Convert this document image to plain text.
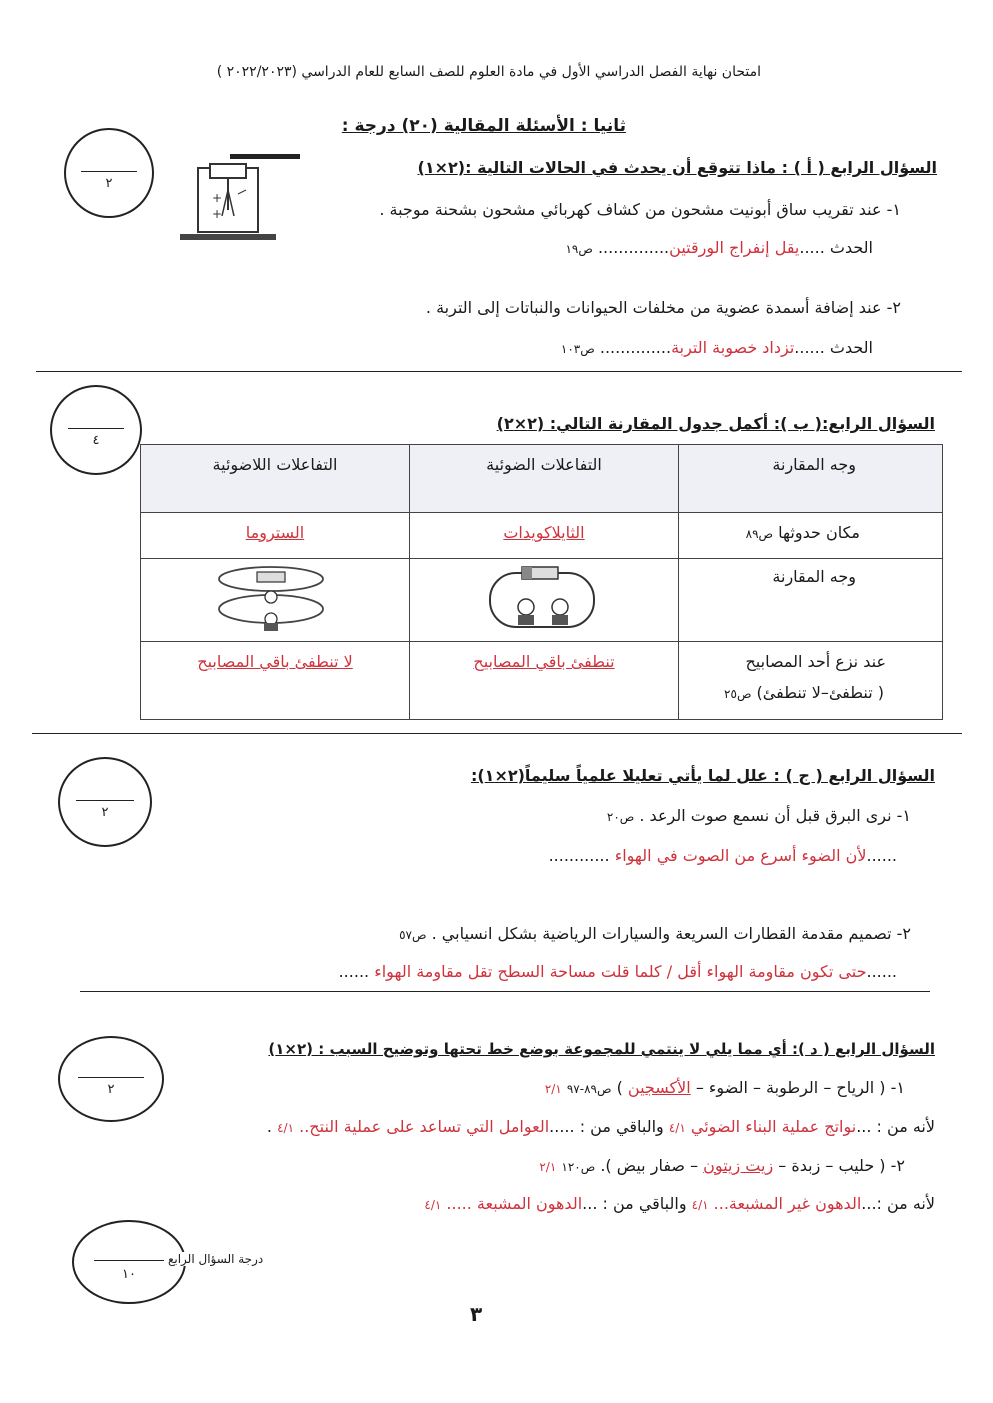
امتحان نهاية الفصل الدراسي الأول في مادة العلوم للصف السابع للعام الدراسي (٢٠٢٢/٢٠٢٣ )
ثانيا : الأسئلة المقالية (٢٠) درجة :
٢
+
+
السؤال الرابع ( أ ) : ماذا تتوقع أن يحدث في الحالات التالية :(٢×١)
١- عند تقريب ساق أبونيت مشحون من كشاف كهربائي مشحون بشحنة موجبة .
الحدث .....يقل إنفراج الورقتين.............. ص١٩
٢- عند إضافة أسمدة عضوية من مخلفات الحيوانات والنباتات إلى التربة .
الحدث ......تزداد خصوبة التربة.............. ص١٠٣
٤
السؤال الرابع:( ب ): أكمل جدول المقارنة التالي: (٢×٢)
وجه المقارنة	التفاعلات الضوئية	التفاعلات اللاضوئية

مكان حدوثها ص٨٩	الثايلاكويدات	الستروما

وجه المقارنة

عند نزع أحد المصابيح
( تنطفئ–لا تنطفئ) ص٢٥	تنطفئ باقي المصابيح	لا تنطفئ باقي المصابيح
٢
السؤال الرابع ( ج ) : علل لما يأتي تعليلا علمياً سليماً(٢×١):
١- نرى البرق قبل أن نسمع صوت الرعد . ص٢٠
......لأن الضوء أسرع من الصوت في الهواء ............
٢- تصميم مقدمة القطارات السريعة والسيارات الرياضية بشكل انسيابي . ص٥٧
......حتى تكون مقاومة الهواء أقل / كلما قلت مساحة السطح تقل مقاومة الهواء ......
٢
السؤال الرابع ( د ): أي مما يلي لا ينتمي للمجموعة بوضع خط تحتها وتوضيح السبب : (٢×١)
١- ( الرياح – الرطوبة – الضوء – الأكسجين ) ص٨٩-٩٧ ٢/١
لأنه من : ...نواتج عملية البناء الضوئي ٤/١ والباقي من : .....العوامل التي تساعد على عملية النتح.. ٤/١ .
٢- ( حليب – زبدة – زيت زيتون – صفار بيض ). ص١٢٠ ٢/١
لأنه من :...الدهون غير المشبعة... ٤/١ والباقي من : ...الدهون المشبعة ..... ٤/١
١٠
درجة السؤال الرابع
٣
